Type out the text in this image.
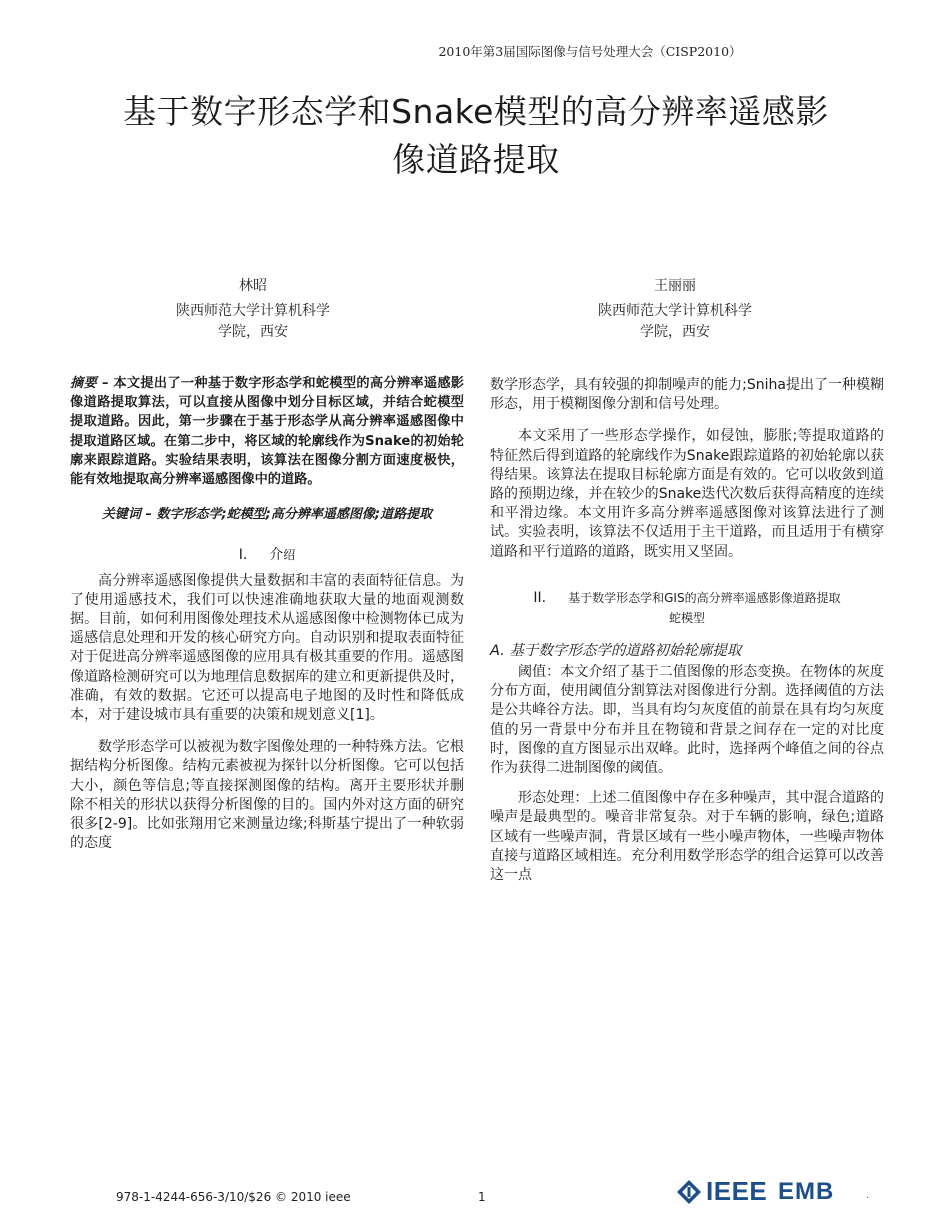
2010年第3届国际图像与信号处理大会（CISP2010）
基于数字形态学和Snake模型的高分辨率遥感影
像道路提取
林昭
陕西师范大学计算机科学
学院，西安
王丽丽
陕西师范大学计算机科学
学院，西安

摘要 – 本文提出了一种基于数字形态学和蛇模型的高分辨率遥感影像道路提取算法，可以直接从图像中划分目标区域，并结合蛇模型提取道路。因此，第一步骤在于基于形态学从高分辨率遥感图像中提取道路区域。在第二步中，将区域的轮廓线作为Snake的初始轮廓来跟踪道路。实验结果表明，该算法在图像分割方面速度极快，能有效地提取高分辨率遥感图像中的道路。

关键词 – 数字形态学;蛇模型;高分辨率遥感图像;道路提取
I. 介绍

高分辨率遥感图像提供大量数据和丰富的表面特征信息。为了使用遥感技术，我们可以快速准确地获取大量的地面观测数据。目前，如何利用图像处理技术从遥感图像中检测物体已成为遥感信息处理和开发的核心研究方向。自动识别和提取表面特征对于促进高分辨率遥感图像的应用具有极其重要的作用。遥感图像道路检测研究可以为地理信息数据库的建立和更新提供及时，准确，有效的数据。它还可以提高电子地图的及时性和降低成本，对于建设城市具有重要的决策和规划意义[1]。

数学形态学可以被视为数字图像处理的一种特殊方法。它根据结构分析图像。结构元素被视为探针以分析图像。它可以包括大小，颜色等信息;等直接探测图像的结构。离开主要形状并删除不相关的形状以获得分析图像的目的。国内外对这方面的研究很多[2-9]。比如张翔用它来测量边缘;科斯基宁提出了一种软弱的态度

数学形态学，具有较强的抑制噪声的能力;Sniha提出了一种模糊形态，用于模糊图像分割和信号处理。

本文采用了一些形态学操作，如侵蚀，膨胀;等提取道路的特征然后得到道路的轮廓线作为Snake跟踪道路的初始轮廓以获得结果。该算法在提取目标轮廓方面是有效的。它可以收敛到道路的预期边缘，并在较少的Snake迭代次数后获得高精度的连续和平滑边缘。本文用许多高分辨率遥感图像对该算法进行了测试。实验表明，该算法不仅适用于主干道路，而且适用于有横穿道路和平行道路的道路，既实用又坚固。

II. 基于数学形态学和GIS的高分辨率遥感影像道路提取
蛇模型
A. 基于数字形态学的道路初始轮廓提取

阈值：本文介绍了基于二值图像的形态变换。在物体的灰度分布方面，使用阈值分割算法对图像进行分割。选择阈值的方法是公共峰谷方法。即，当具有均匀灰度值的前景在具有均匀灰度值的另一背景中分布并且在物镜和背景之间存在一定的对比度时，图像的直方图显示出双峰。此时，选择两个峰值之间的谷点作为获得二进制图像的阈值。

形态处理：上述二值图像中存在多种噪声，其中混合道路的噪声是最典型的。噪音非常复杂。对于车辆的影响，绿色;道路区域有一些噪声洞，背景区域有一些小噪声物体，一些噪声物体直接与道路区域相连。充分利用数学形态学的组合运算可以改善这一点

978-1-4244-656-3/10/$26 © 2010 ieee	1	IEEE EMB	.
